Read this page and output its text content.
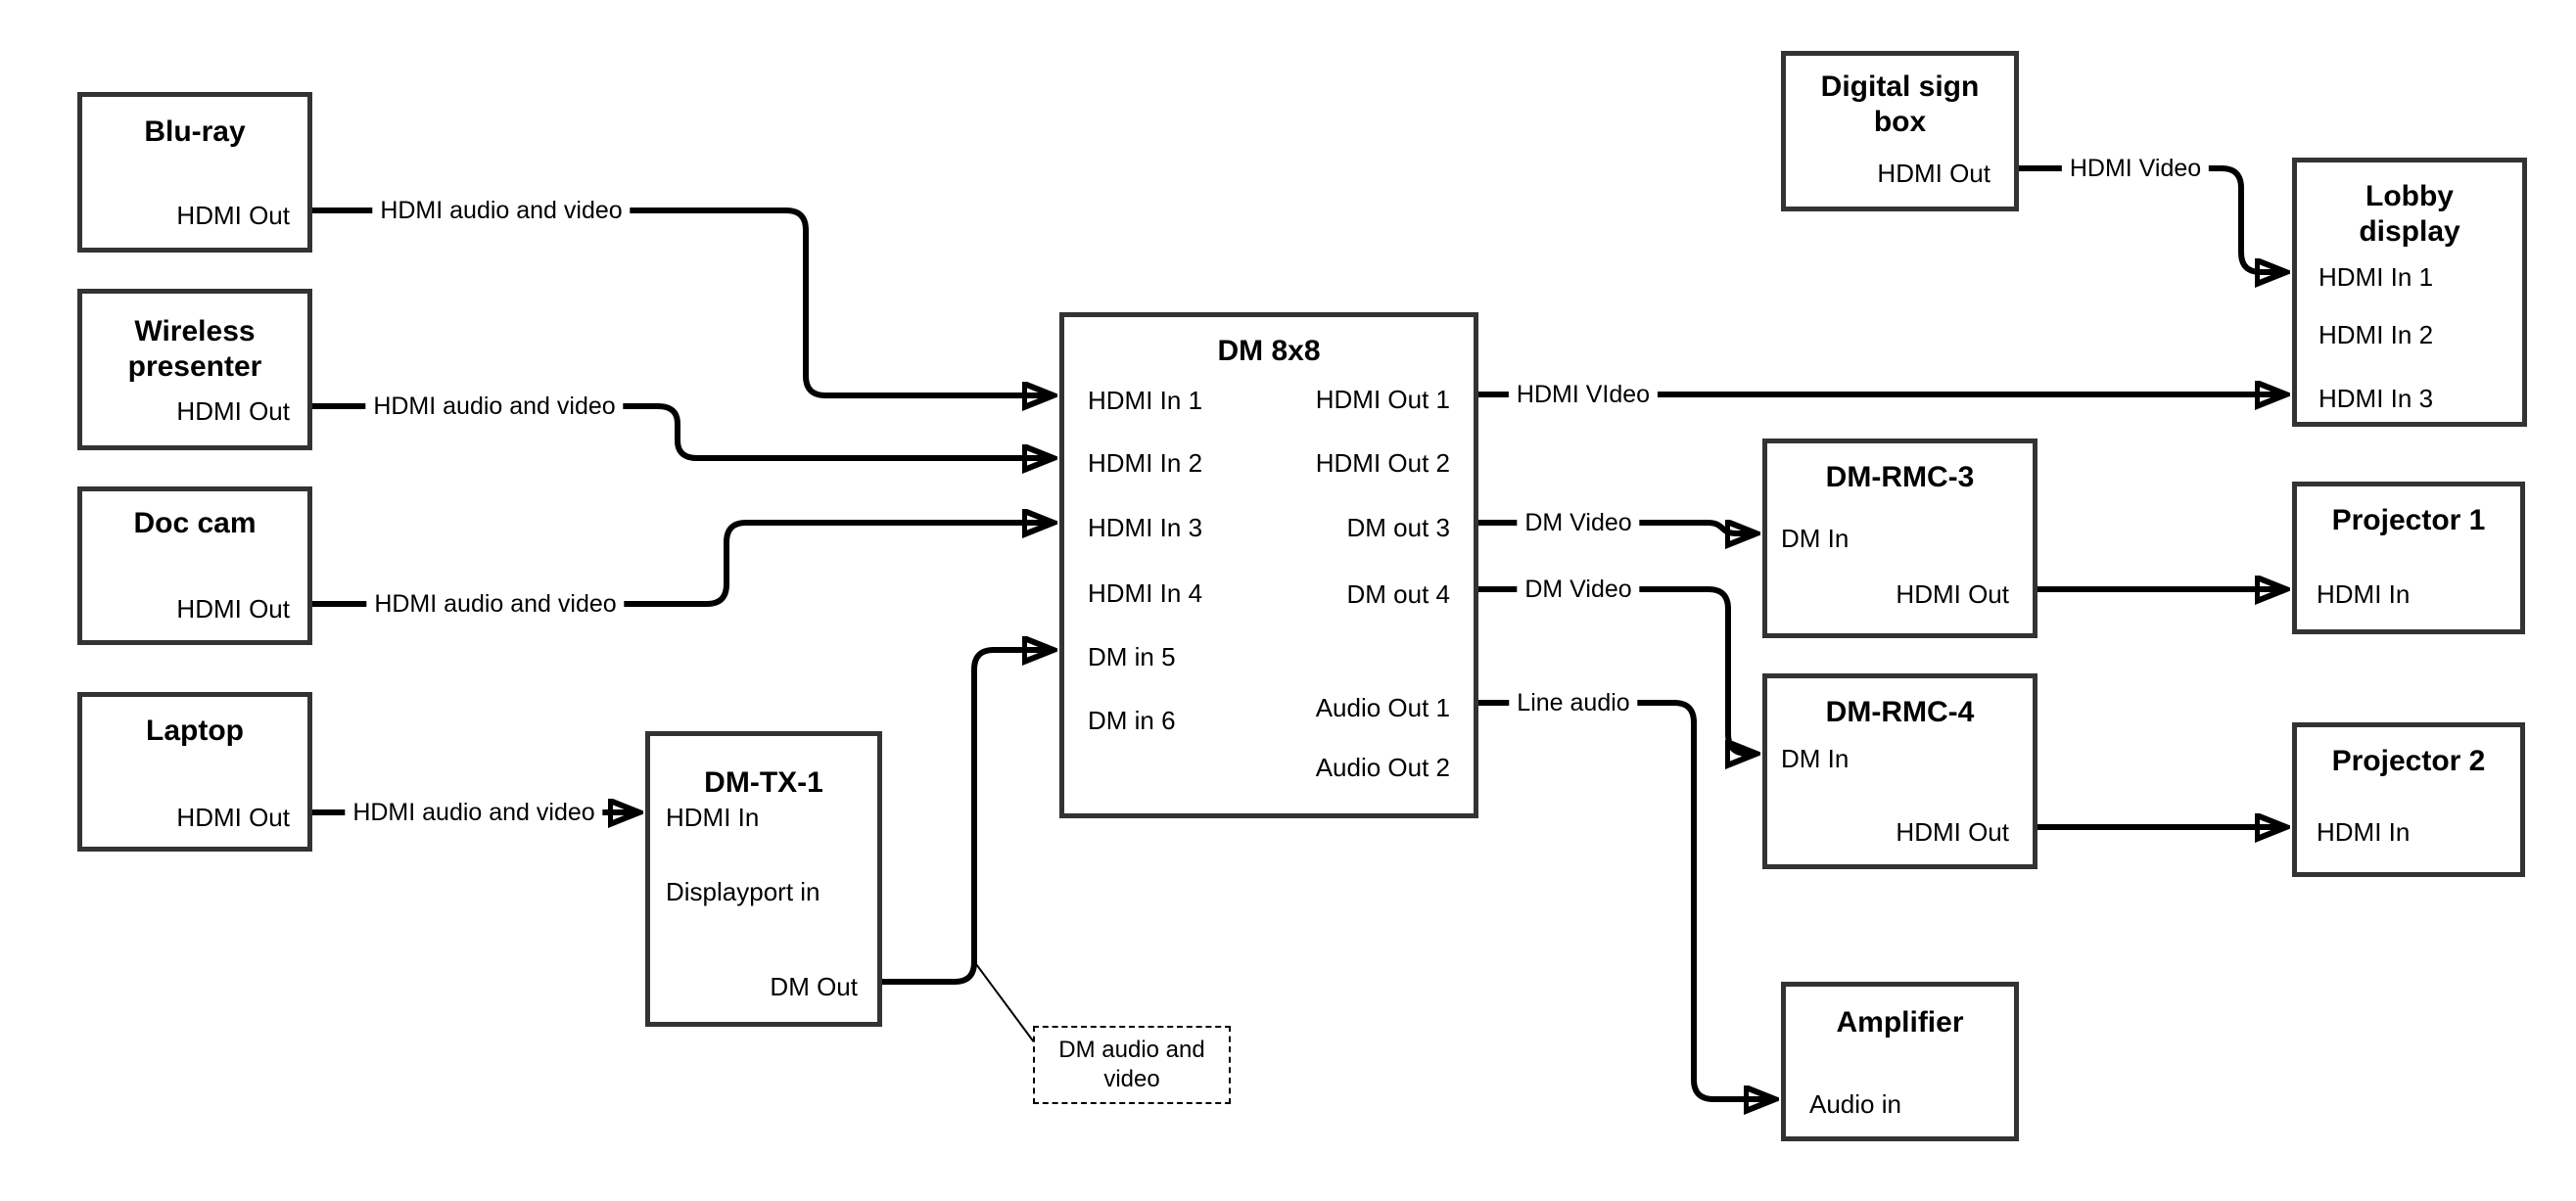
Blu-ray
HDMI Out
Wireless
presenter
HDMI Out
Doc cam
HDMI Out
Laptop
HDMI Out
DM-TX-1
HDMI In
Displayport in
DM Out
DM 8x8
HDMI In 1
HDMI In 2
HDMI In 3
HDMI In 4
DM in 5
DM in 6
HDMI Out 1
HDMI Out 2
DM out 3
DM out 4
Audio Out 1
Audio Out 2
Digital sign
box
HDMI Out
Lobby
display
HDMI In 1
HDMI In 2
HDMI In 3
DM-RMC-3
DM In
HDMI Out
Projector 1
HDMI In
DM-RMC-4
DM In
HDMI Out
Projector 2
HDMI In
Amplifier
Audio in
HDMI audio and video
HDMI audio and video
HDMI audio and video
HDMI audio and video
HDMI Video
HDMI VIdeo
DM Video
DM Video
Line audio
DM audio and
video
